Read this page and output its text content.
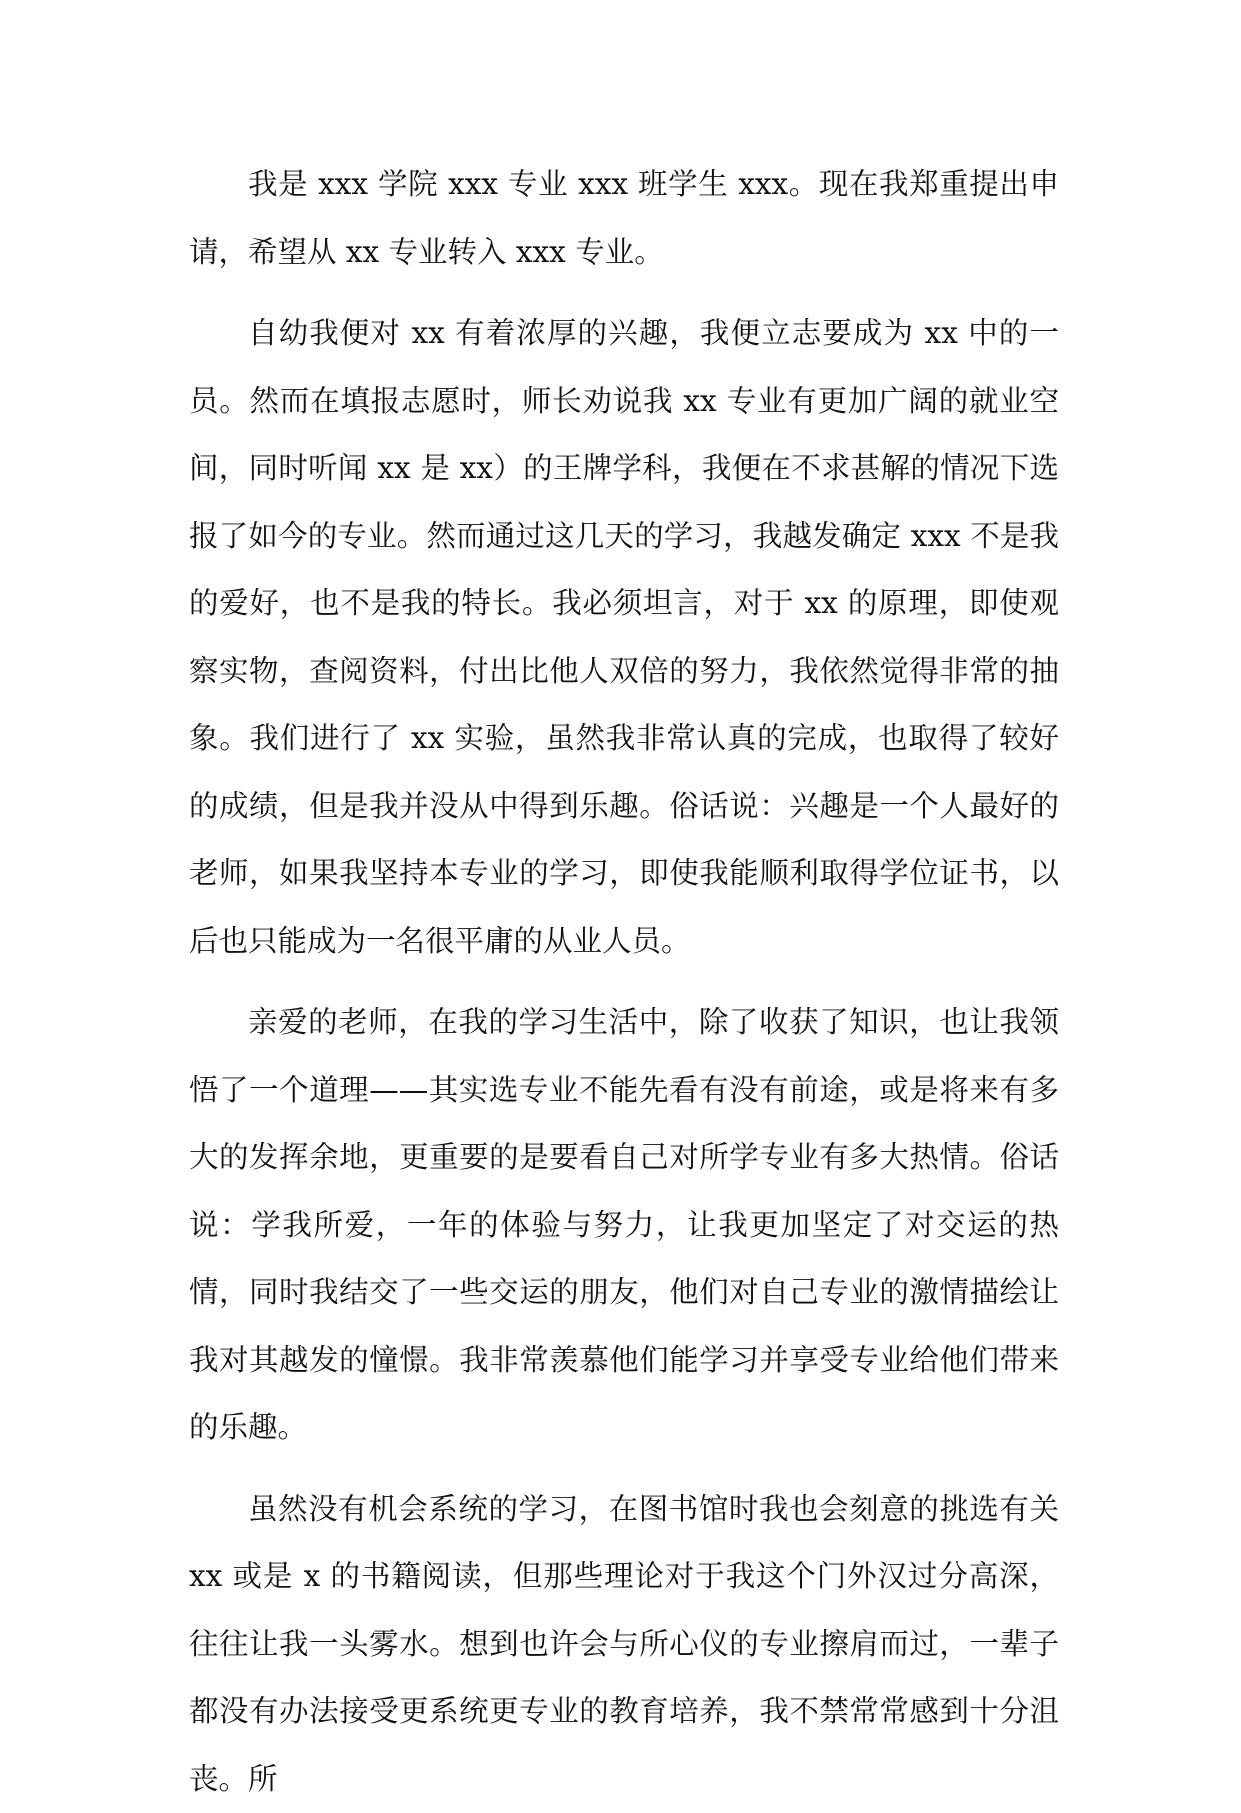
我是 xxx 学院 xxx 专业 xxx 班学生 xxx。现在我郑重提出申请，希望从 xx 专业转入 xxx 专业。

自幼我便对 xx 有着浓厚的兴趣，我便立志要成为 xx 中的一员。然而在填报志愿时，师长劝说我 xx 专业有更加广阔的就业空间，同时听闻 xx 是 xx）的王牌学科，我便在不求甚解的情况下选报了如今的专业。然而通过这几天的学习，我越发确定 xxx 不是我的爱好，也不是我的特长。我必须坦言，对于 xx 的原理，即使观察实物，查阅资料，付出比他人双倍的努力，我依然觉得非常的抽象。我们进行了 xx 实验，虽然我非常认真的完成，也取得了较好的成绩，但是我并没从中得到乐趣。俗话说：兴趣是一个人最好的老师，如果我坚持本专业的学习，即使我能顺利取得学位证书，以后也只能成为一名很平庸的从业人员。

亲爱的老师，在我的学习生活中，除了收获了知识，也让我领悟了一个道理——其实选专业不能先看有没有前途，或是将来有多大的发挥余地，更重要的是要看自己对所学专业有多大热情。俗话说：学我所爱，一年的体验与努力，让我更加坚定了对交运的热情，同时我结交了一些交运的朋友，他们对自己专业的激情描绘让我对其越发的憧憬。我非常羡慕他们能学习并享受专业给他们带来的乐趣。

虽然没有机会系统的学习，在图书馆时我也会刻意的挑选有关 xx 或是 x 的书籍阅读，但那些理论对于我这个门外汉过分高深，往往让我一头雾水。想到也许会与所心仪的专业擦肩而过，一辈子都没有办法接受更系统更专业的教育培养，我不禁常常感到十分沮丧。所
